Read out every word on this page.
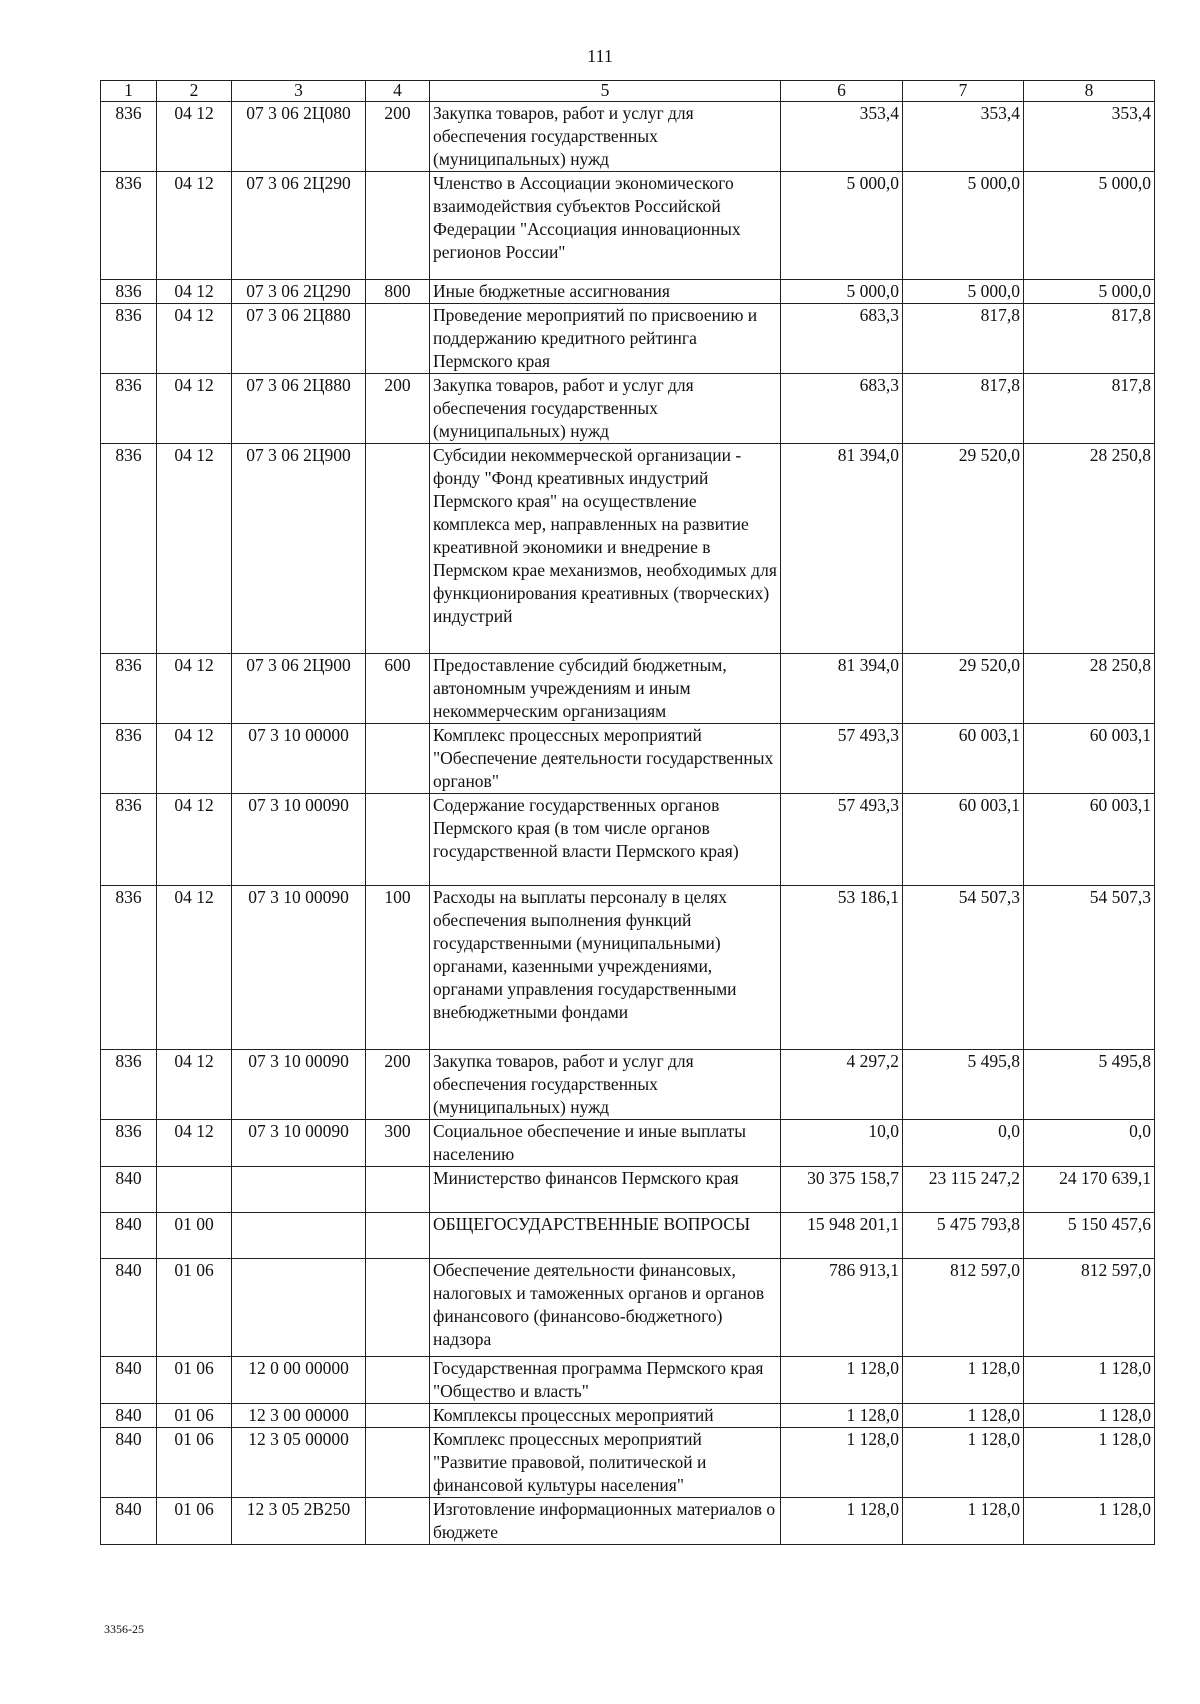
111
1	2	3	4	5	6	7	8
836	04 12	07 3 06 2Ц080	200	Закупка товаров, работ и услуг для обеспечения государственных (муниципальных) нужд	353,4	353,4	353,4
836	04 12	07 3 06 2Ц290		Членство в Ассоциации экономического взаимодействия субъектов Российской Федерации "Ассоциация инновационных регионов России"	5 000,0	5 000,0	5 000,0
836	04 12	07 3 06 2Ц290	800	Иные бюджетные ассигнования	5 000,0	5 000,0	5 000,0
836	04 12	07 3 06 2Ц880		Проведение мероприятий по присвоению и поддержанию кредитного рейтинга Пермского края	683,3	817,8	817,8
836	04 12	07 3 06 2Ц880	200	Закупка товаров, работ и услуг для обеспечения государственных (муниципальных) нужд	683,3	817,8	817,8
836	04 12	07 3 06 2Ц900		Субсидии некоммерческой организации - фонду "Фонд креативных индустрий Пермского края" на осуществление комплекса мер, направленных на развитие креативной экономики и внедрение в Пермском крае механизмов, необходимых для функционирования креативных (творческих) индустрий	81 394,0	29 520,0	28 250,8
836	04 12	07 3 06 2Ц900	600	Предоставление субсидий бюджетным, автономным учреждениям и иным некоммерческим организациям	81 394,0	29 520,0	28 250,8
836	04 12	07 3 10 00000		Комплекс процессных мероприятий "Обеспечение деятельности государственных органов"	57 493,3	60 003,1	60 003,1
836	04 12	07 3 10 00090		Содержание государственных органов Пермского края (в том числе органов государственной власти Пермского края)	57 493,3	60 003,1	60 003,1
836	04 12	07 3 10 00090	100	Расходы на выплаты персоналу в целях обеспечения выполнения функций государственными (муниципальными) органами, казенными учреждениями, органами управления государственными внебюджетными фондами	53 186,1	54 507,3	54 507,3
836	04 12	07 3 10 00090	200	Закупка товаров, работ и услуг для обеспечения государственных (муниципальных) нужд	4 297,2	5 495,8	5 495,8
836	04 12	07 3 10 00090	300	Социальное обеспечение и иные выплаты населению	10,0	0,0	0,0
840				Министерство финансов Пермского края	30 375 158,7	23 115 247,2	24 170 639,1
840	01 00			ОБЩЕГОСУДАРСТВЕННЫЕ ВОПРОСЫ	15 948 201,1	5 475 793,8	5 150 457,6
840	01 06			Обеспечение деятельности финансовых, налоговых и таможенных органов и органов финансового (финансово-бюджетного) надзора	786 913,1	812 597,0	812 597,0
840	01 06	12 0 00 00000		Государственная программа Пермского края "Общество и власть"	1 128,0	1 128,0	1 128,0
840	01 06	12 3 00 00000		Комплексы процессных мероприятий	1 128,0	1 128,0	1 128,0
840	01 06	12 3 05 00000		Комплекс процессных мероприятий "Развитие правовой, политической и финансовой культуры населения"	1 128,0	1 128,0	1 128,0
840	01 06	12 3 05 2В250		Изготовление информационных материалов о бюджете	1 128,0	1 128,0	1 128,0
3356-25
